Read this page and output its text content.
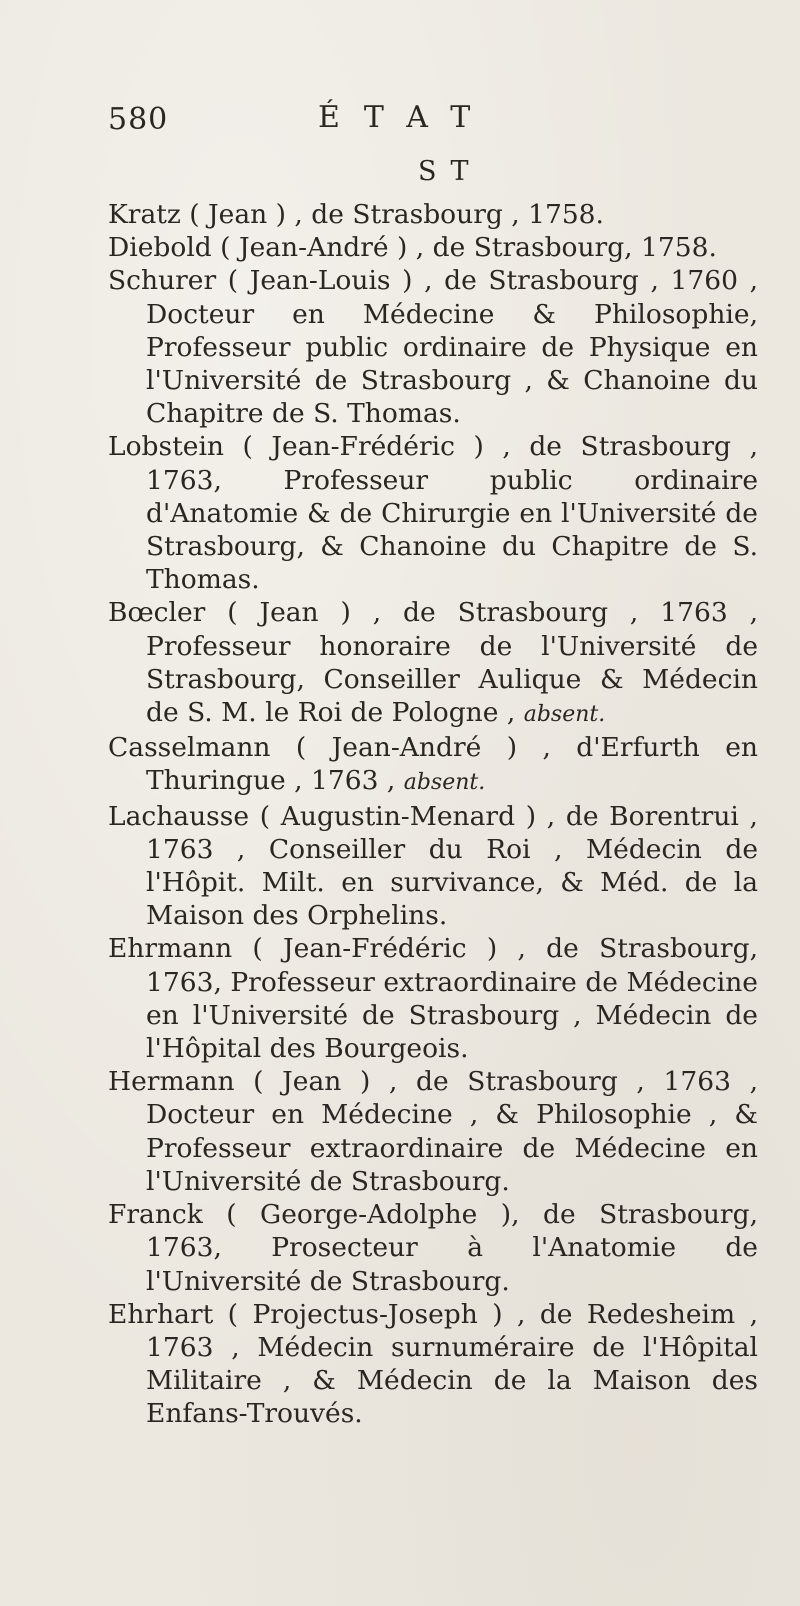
580	ÉTAT
ST

Kratz ( Jean ) , de Strasbourg , 1758.

Diebold ( Jean-André ) , de Strasbourg, 1758.

Schurer ( Jean-Louis ) , de Strasbourg , 1760 , Docteur en Médecine & Philosophie, Professeur public ordinaire de Physique en l'Université de Strasbourg , & Chanoine du Chapitre de S. Thomas.

Lobstein ( Jean-Frédéric ) , de Strasbourg , 1763, Professeur public ordinaire d'Anatomie & de Chirurgie en l'Université de Strasbourg, & Chanoine du Chapitre de S. Thomas.

Bœcler ( Jean ) , de Strasbourg , 1763 , Professeur honoraire de l'Université de Strasbourg, Conseiller Aulique & Médecin de S. M. le Roi de Pologne , absent.

Casselmann ( Jean-André ) , d'Erfurth en Thuringue , 1763 , absent.

Lachausse ( Augustin-Menard ) , de Borentrui , 1763 , Conseiller du Roi , Médecin de l'Hôpit. Milt. en survivance, & Méd. de la Maison des Orphelins.

Ehrmann ( Jean-Frédéric ) , de Strasbourg, 1763, Professeur extraordinaire de Médecine en l'Université de Strasbourg , Médecin de l'Hôpital des Bourgeois.

Hermann ( Jean ) , de Strasbourg , 1763 , Docteur en Médecine , & Philosophie , & Professeur extraordinaire de Médecine en l'Université de Strasbourg.

Franck ( George-Adolphe ), de Strasbourg, 1763, Prosecteur à l'Anatomie de l'Université de Strasbourg.

Ehrhart ( Projectus-Joseph ) , de Redesheim , 1763 , Médecin surnuméraire de l'Hôpital Militaire , & Médecin de la Maison des Enfans-Trouvés.
